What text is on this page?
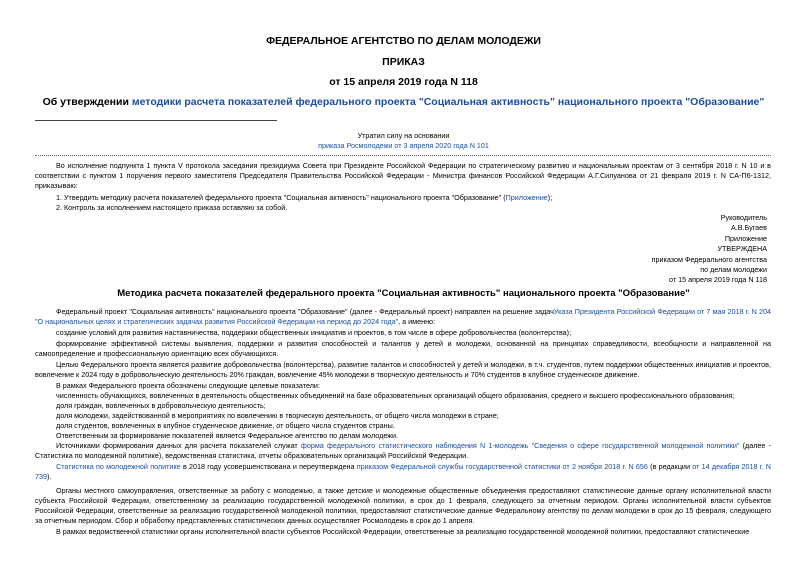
ФЕДЕРАЛЬНОЕ АГЕНТСТВО ПО ДЕЛАМ МОЛОДЕЖИ
ПРИКАЗ
от 15 апреля 2019 года N 118
Об утверждении методики расчета показателей федерального проекта "Социальная активность" национального проекта "Образование"
Утратил силу на основании
приказа Росмолодежи от 3 апреля 2020 года N 101
Во исполнение подпункта 1 пункта V протокола заседания президиума Совета при Президенте Российской Федерации по стратегическому развитию и национальным проектам от 3 сентября 2018 г. N 10 и в соответствии с пунктом 1 поручения первого заместителя Председателя Правительства Российской Федерации - Министра финансов Российской Федерации А.Г.Силуанова от 21 февраля 2019 г. N СА-П6-1312, приказываю:
1. Утвердить методику расчета показателей федерального проекта "Социальная активность" национального проекта "Образование" (Приложение);
2. Контроль за исполнением настоящего приказа оставляю за собой.
Руководитель
А.В.Бугаев
Приложение
УТВЕРЖДЕНА
приказом Федерального агентства
по делам молодежи
от 15 апреля 2019 года N 118
Методика расчета показателей федерального проекта "Социальная активность" национального проекта "Образование"
Федеральный проект "Социальная активность" национального проекта "Образование" (далее - Федеральный проект) направлен на решение задачУказа Президента Российской Федерации от 7 мая 2018 г. N 204 "О национальных целях и стратегических задачах развития Российской Федерации на период до 2024 года", а именно:
создание условий для развития наставничества, поддержки общественных инициатив и проектов, в том числе в сфере добровольчества (волонтерства);
формирование эффективной системы выявления, поддержки и развития способностей и талантов у детей и молодежи, основанной на принципах справедливости, всеобщности и направленной на самоопределение и профессиональную ориентацию всех обучающихся.
Целью Федерального проекта является развитие добровольчества (волонтерства), развитие талантов и способностей у детей и молодежи, в т.ч. студентов, путем поддержки общественных инициатив и проектов, вовлечение к 2024 году в добровольческую деятельность 20% граждан, вовлечение 45% молодежи в творческую деятельность и 70% студентов в клубное студенческое движение.
В рамках Федерального проекта обозначены следующие целевые показатели:
численность обучающихся, вовлеченных в деятельность общественных объединений на базе образовательных организаций общего образования, среднего и высшего профессионального образования;
доля граждан, вовлеченных в добровольческую деятельность;
доля молодежи, задействованной в мероприятиях по вовлечению в творческую деятельность, от общего числа молодежи в стране;
доля студентов, вовлеченных в клубное студенческое движение, от общего числа студентов страны.
Ответственным за формирование показателей является Федеральное агентство по делам молодежи.
Источниками формирования данных для расчета показателей служат форма федерального статистического наблюдения N 1-молодежь "Сведения о сфере государственной молодежной политики" (далее - Статистика по молодежной политике), ведомственная статистика, отчеты образовательных организаций Российской Федерации.
Статистика по молодежной политике в 2018 году усовершенствована и переутверждена приказом Федеральной службы государственной статистики от 2 ноября 2018 г. N 656 (в редакции от 14 декабря 2018 г. N 739).
Органы местного самоуправления, ответственные за работу с молодежью, а также детские и молодежные общественные объединения предоставляют статистические данные органу исполнительной власти субъекта Российской Федерации, ответственному за реализацию государственной молодежной политики, в срок до 1 февраля, следующего за отчетным периодом. Органы исполнительной власти субъектов Российской Федерации, ответственные за реализацию государственной молодежной политики, предоставляют статистические данные Федеральному агентству по делам молодежи в срок до 15 февраля, следующего за отчетным периодом. Сбор и обработку представленных статистических данных осуществляет Росмолодежь в срок до 1 апреля.
В рамках ведомственной статистики органы исполнительной власти субъектов Российской Федерации, ответственные за реализацию государственной молодежной политики, предоставляют статистические
